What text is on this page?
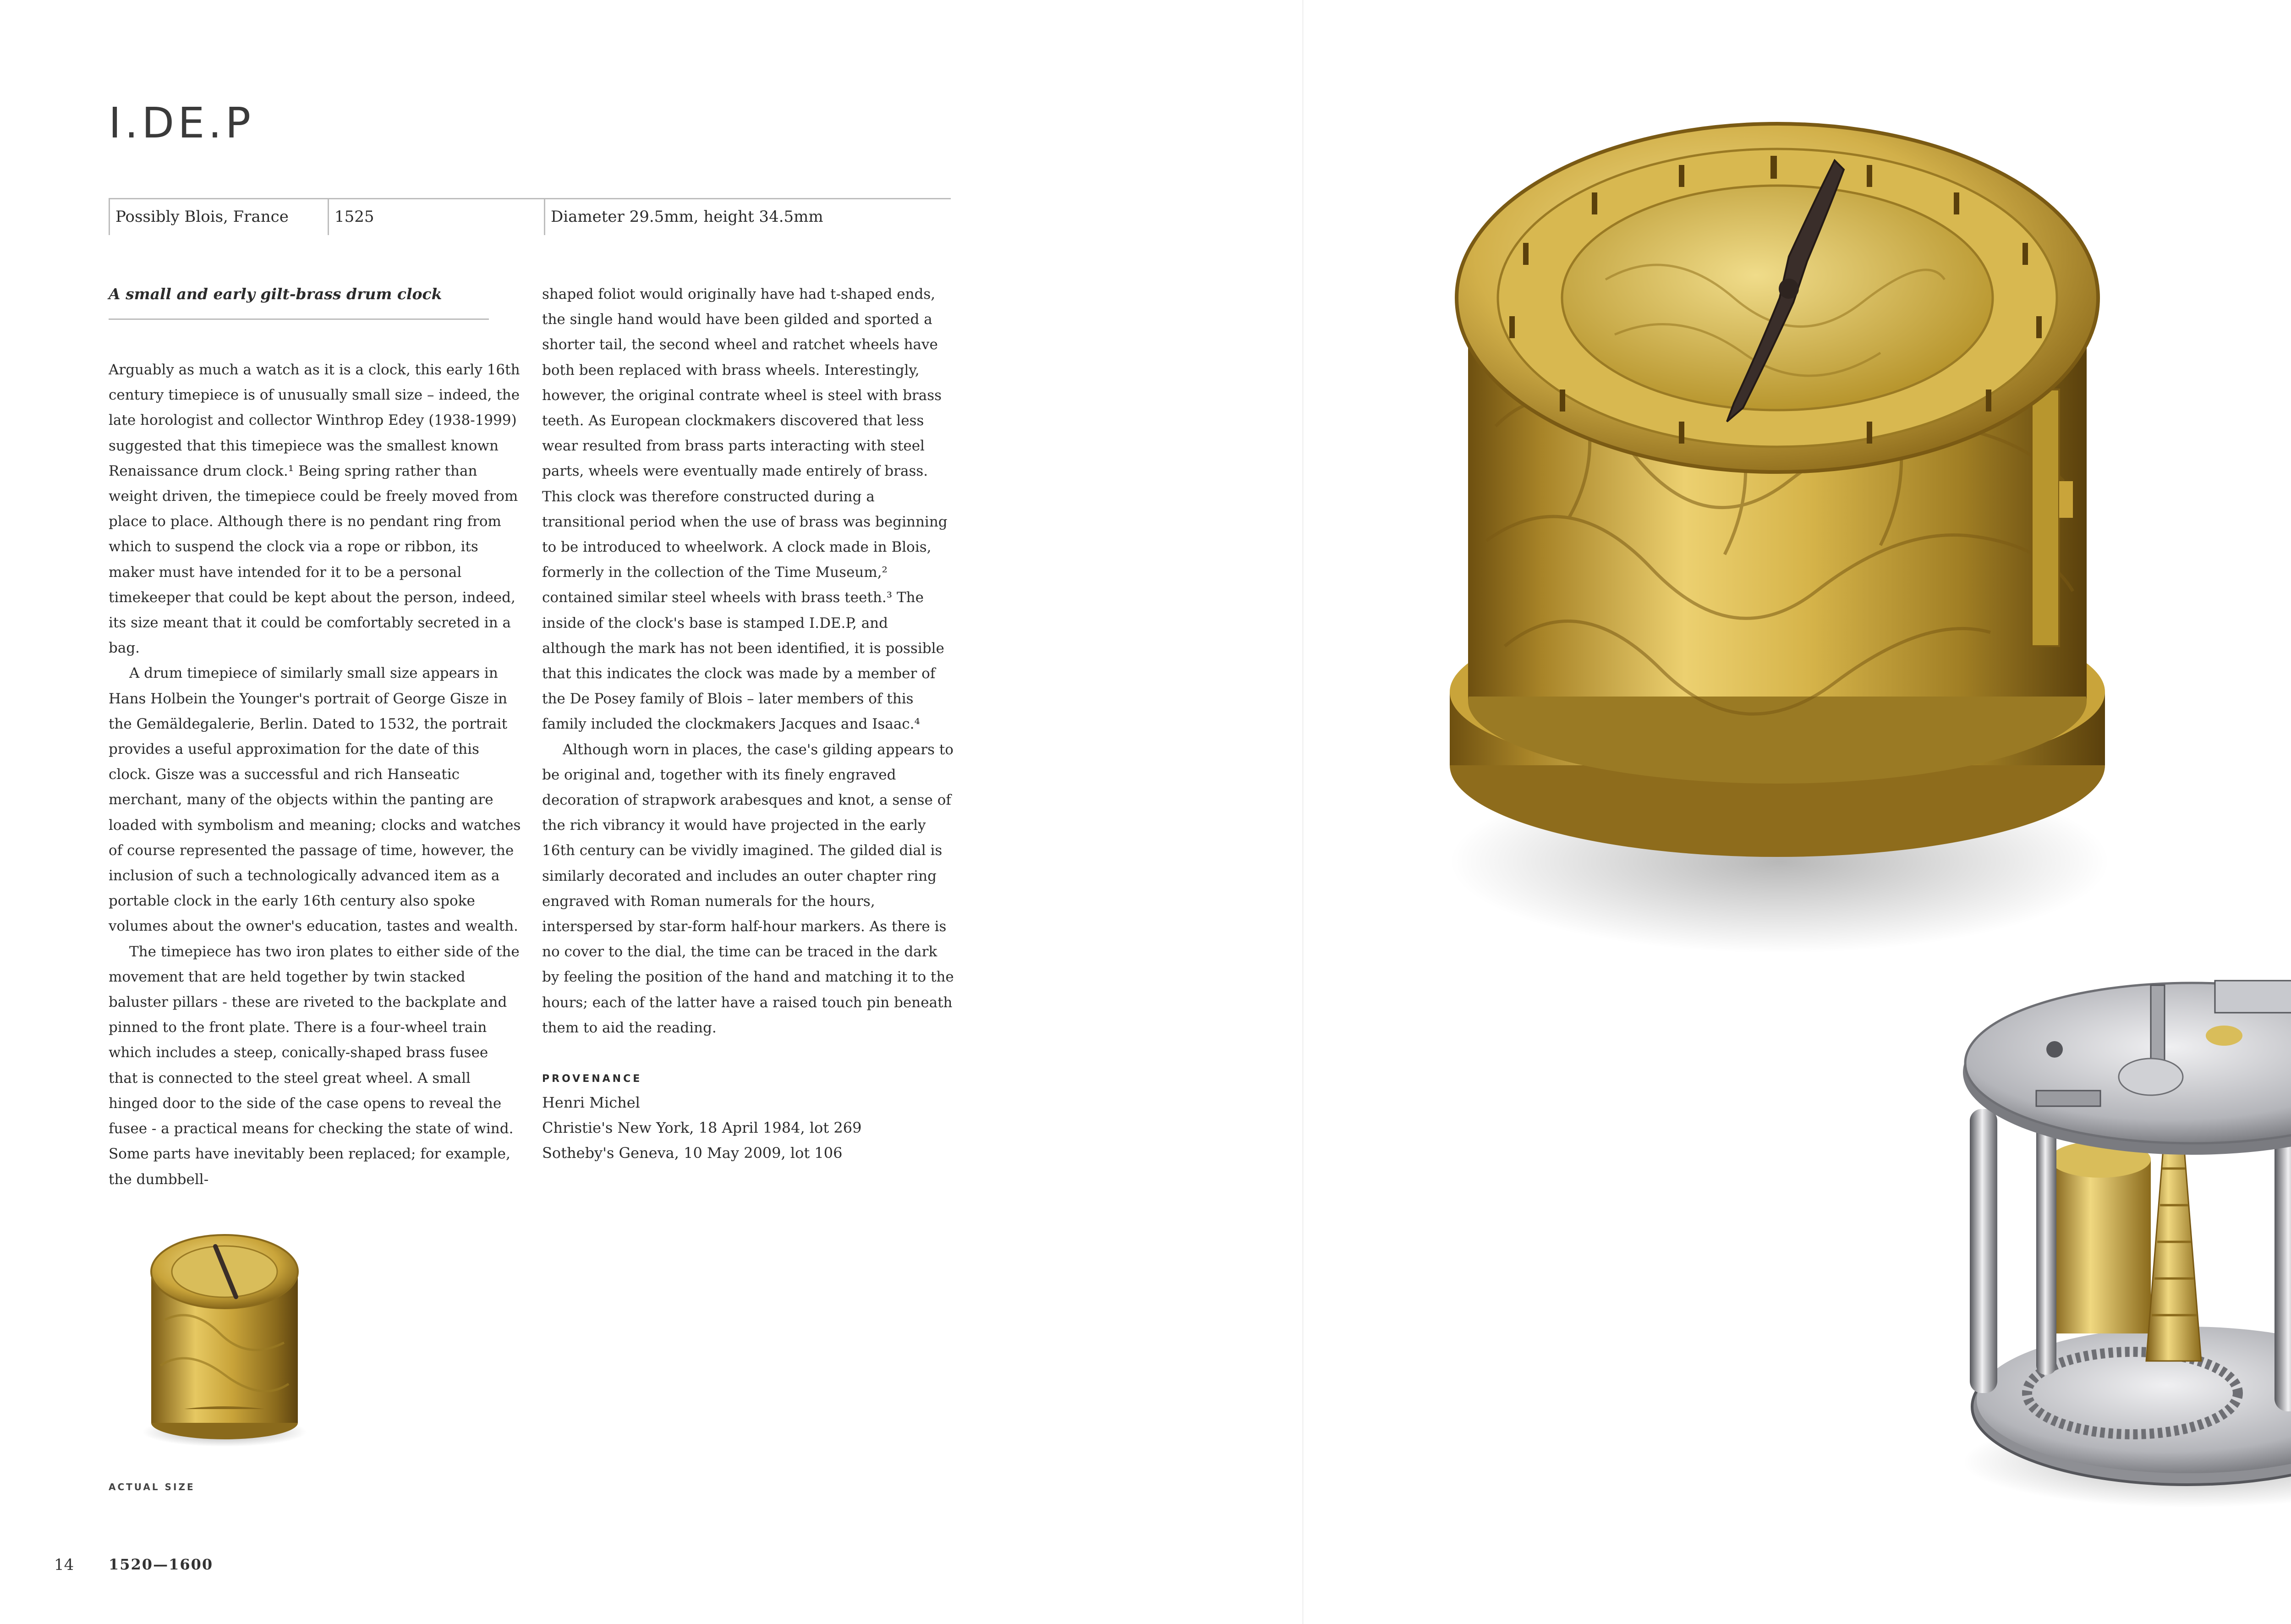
I.DE.P
Possibly Blois, France	1525	Diameter 29.5mm, height 34.5mm
A small and early gilt-brass drum clock

Arguably as much a watch as it is a clock, this early 16th century timepiece is of unusually small size – indeed, the late horologist and collector Winthrop Edey (1938-1999) suggested that this timepiece was the smallest known Renaissance drum clock.¹ Being spring rather than weight driven, the timepiece could be freely moved from place to place. Although there is no pendant ring from which to suspend the clock via a rope or ribbon, its maker must have intended for it to be a personal timekeeper that could be kept about the person, indeed, its size meant that it could be comfortably secreted in a bag.

A drum timepiece of similarly small size appears in Hans Holbein the Younger's portrait of George Gisze in the Gemäldegalerie, Berlin. Dated to 1532, the portrait provides a useful approximation for the date of this clock. Gisze was a successful and rich Hanseatic merchant, many of the objects within the panting are loaded with symbolism and meaning; clocks and watches of course represented the passage of time, however, the inclusion of such a technologically advanced item as a portable clock in the early 16th century also spoke volumes about the owner's education, tastes and wealth.

The timepiece has two iron plates to either side of the movement that are held together by twin stacked baluster pillars - these are riveted to the backplate and pinned to the front plate. There is a four-wheel train which includes a steep, conically-shaped brass fusee that is connected to the steel great wheel. A small hinged door to the side of the case opens to reveal the fusee - a practical means for checking the state of wind. Some parts have inevitably been replaced; for example, the dumbbell-

shaped foliot would originally have had t-shaped ends, the single hand would have been gilded and sported a shorter tail, the second wheel and ratchet wheels have both been replaced with brass wheels. Interestingly, however, the original contrate wheel is steel with brass teeth. As European clockmakers discovered that less wear resulted from brass parts interacting with steel parts, wheels were eventually made entirely of brass. This clock was therefore constructed during a transitional period when the use of brass was beginning to be introduced to wheelwork. A clock made in Blois, formerly in the collection of the Time Museum,² contained similar steel wheels with brass teeth.³ The inside of the clock's base is stamped I.DE.P, and although the mark has not been identified, it is possible that this indicates the clock was made by a member of the De Posey family of Blois – later members of this family included the clockmakers Jacques and Isaac.⁴

Although worn in places, the case's gilding appears to be original and, together with its finely engraved decoration of strapwork arabesques and knot, a sense of the rich vibrancy it would have projected in the early 16th century can be vividly imagined. The gilded dial is similarly decorated and includes an outer chapter ring engraved with Roman numerals for the hours, interspersed by star-form half-hour markers. As there is no cover to the dial, the time can be traced in the dark by feeling the position of the hand and matching it to the hours; each of the latter have a raised touch pin beneath them to aid the reading.

PROVENANCE
Henri Michel
Christie's New York, 18 April 1984, lot 269
Sotheby's Geneva, 10 May 2009, lot 106
ACTUAL SIZE
14 1520—1600
